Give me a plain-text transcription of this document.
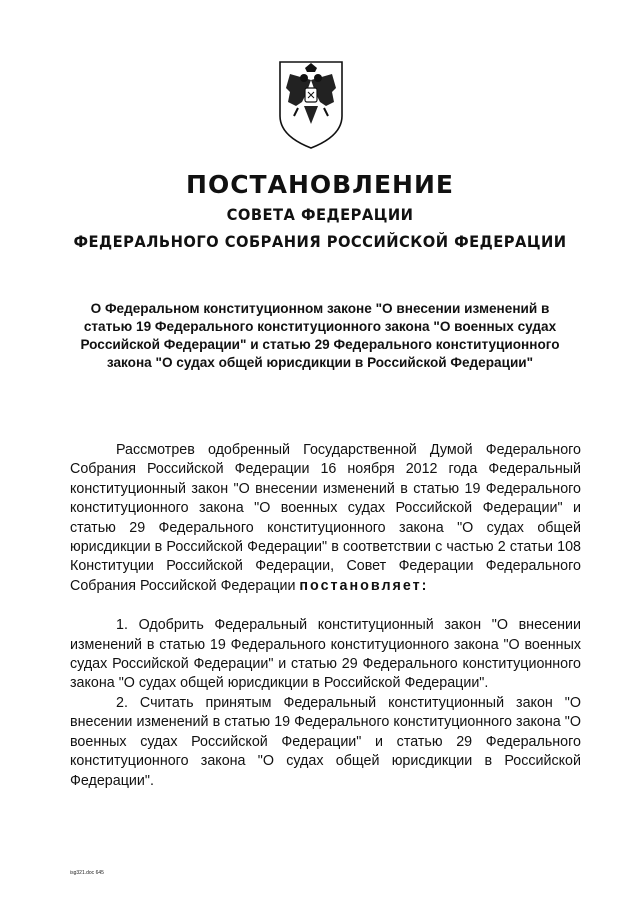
ПОСТАНОВЛЕНИЕ
СОВЕТА ФЕДЕРАЦИИ
ФЕДЕРАЛЬНОГО СОБРАНИЯ РОССИЙСКОЙ ФЕДЕРАЦИИ

О Федеральном конституционном законе "О внесении изменений в статью 19 Федерального конституционного закона "О военных судах Российской Федерации" и статью 29 Федерального конституционного закона "О судах общей юрисдикции в Российской Федерации"

Рассмотрев одобренный Государственной Думой Федерального Собрания Российской Федерации 16 ноября 2012 года Федеральный конституционный закон "О внесении изменений в статью 19 Федерального конституционного закона "О военных судах Российской Федерации" и статью 29 Федерального конституционного закона "О судах общей юрисдикции в Российской Федерации" в соответствии с частью 2 статьи 108 Конституции Российской Федерации, Совет Федерации Федерального Собрания Российской Федерации постановляет:

1. Одобрить Федеральный конституционный закон "О внесении изменений в статью 19 Федерального конституционного закона "О военных судах Российской Федерации" и статью 29 Федерального конституционного закона "О судах общей юрисдикции в Российской Федерации".

2. Считать принятым Федеральный конституционный закон "О внесении изменений в статью 19 Федерального конституционного закона "О военных судах Российской Федерации" и статью 29 Федерального конституционного закона "О судах общей юрисдикции в Российской Федерации".

isg321.doc 645
